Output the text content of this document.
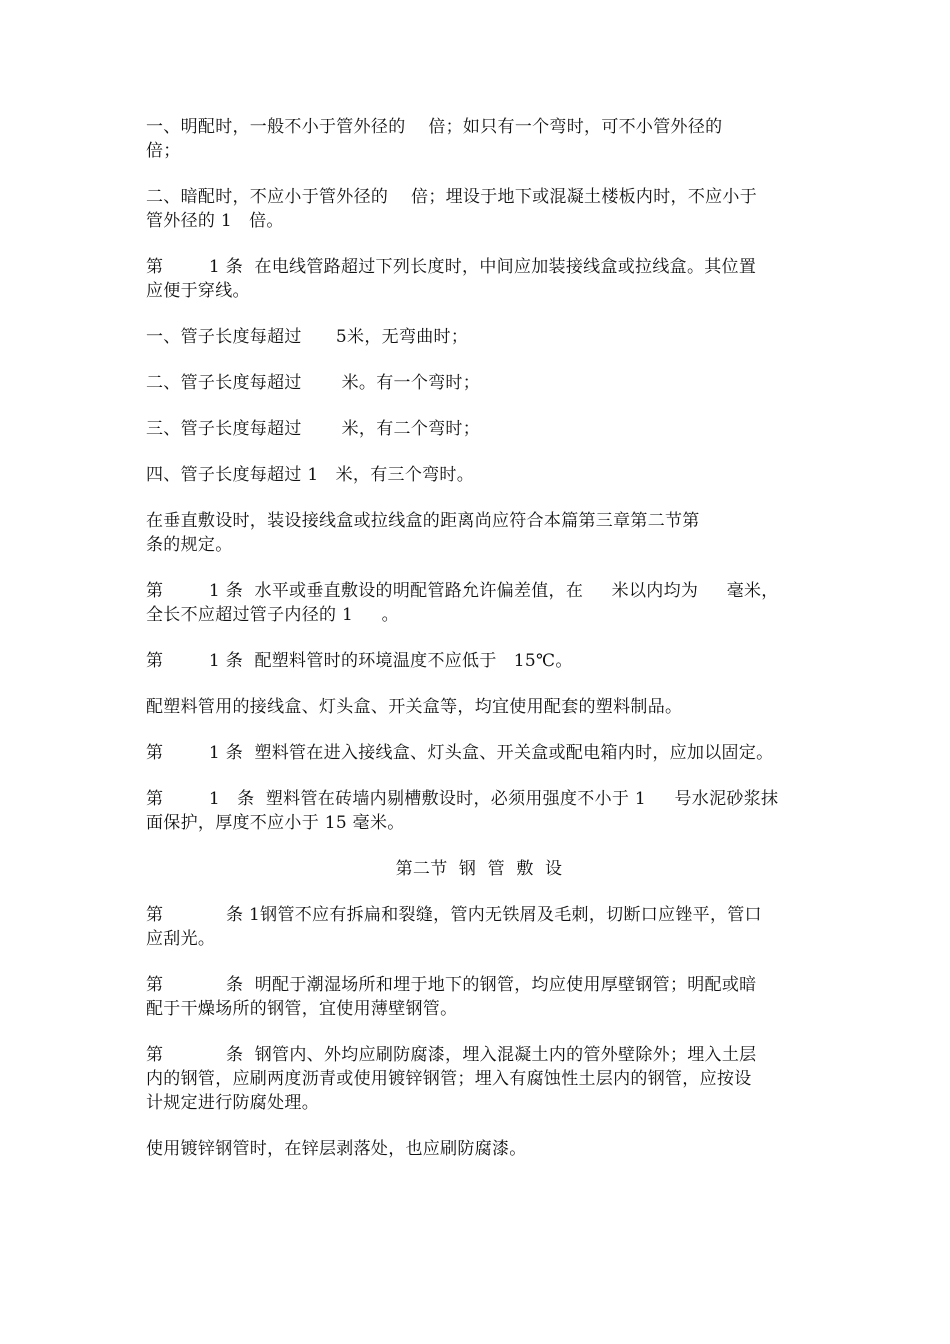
一、明配时，一般不小于管外径的    倍；如只有一个弯时，可不小管外径的
倍；

二、暗配时，不应小于管外径的    倍；埋设于地下或混凝土楼板内时，不应小于
管外径的 1   倍。

第        1 条  在电线管路超过下列长度时，中间应加装接线盒或拉线盒。其位置
应便于穿线。

一、管子长度每超过      5米，无弯曲时；

二、管子长度每超过       米。有一个弯时；

三、管子长度每超过       米，有二个弯时；

四、管子长度每超过 1   米，有三个弯时。

在垂直敷设时，装设接线盒或拉线盒的距离尚应符合本篇第三章第二节第
条的规定。

第        1 条  水平或垂直敷设的明配管路允许偏差值，在     米以内均为     毫米，
全长不应超过管子内径的 1     。

第        1 条  配塑料管时的环境温度不应低于   15℃。

配塑料管用的接线盒、灯头盒、开关盒等，均宜使用配套的塑料制品。

第        1 条  塑料管在进入接线盒、灯头盒、开关盒或配电箱内时，应加以固定。

第        1   条  塑料管在砖墙内剔槽敷设时，必须用强度不小于 1     号水泥砂浆抹
面保护，厚度不应小于 15 毫米。

第二节  钢  管  敷  设

第           条 1钢管不应有拆扁和裂缝，管内无铁屑及毛刺，切断口应锉平，管口
应刮光。

第           条  明配于潮湿场所和埋于地下的钢管，均应使用厚壁钢管；明配或暗
配于干燥场所的钢管，宜使用薄壁钢管。

第           条  钢管内、外均应刷防腐漆，埋入混凝土内的管外壁除外；埋入土层
内的钢管，应刷两度沥青或使用镀锌钢管；埋入有腐蚀性土层内的钢管，应按设
计规定进行防腐处理。

使用镀锌钢管时，在锌层剥落处，也应刷防腐漆。
